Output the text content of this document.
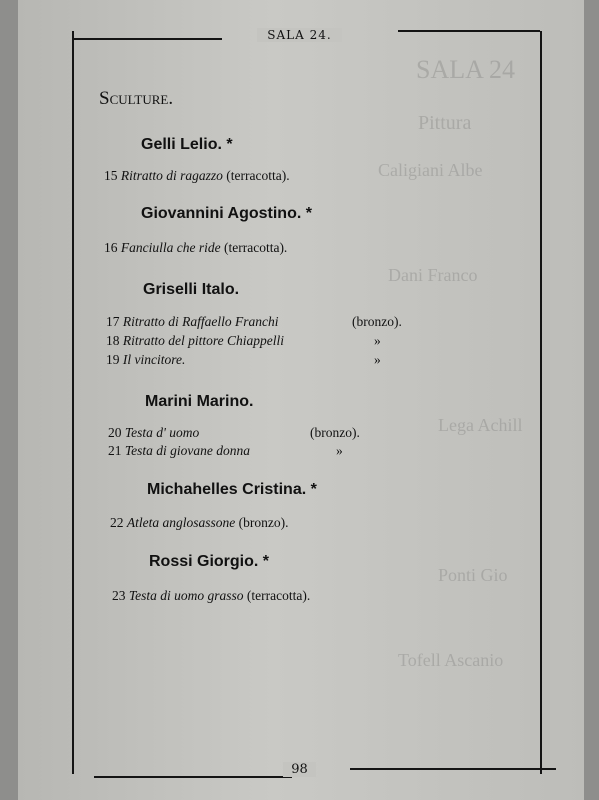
SALA 24
Pittura
Caligiani Albe
Dani Franco
Lega Achill
Ponti Gio
Tofell Ascanio
SALA 24.
Sculture.
Gelli Lelio. *
15 Ritratto di ragazzo (terracotta).
Giovannini Agostino. *
16 Fanciulla che ride (terracotta).
Griselli Italo.
17 Ritratto di Raffaello Franchi	(bronzo).
18 Ritratto del pittore Chiappelli	»
19 Il vincitore.	»
Marini Marino.
20 Testa d' uomo	(bronzo).
21 Testa di giovane donna	»
Michahelles Cristina. *
22 Atleta anglosassone (bronzo).
Rossi Giorgio. *
23 Testa di uomo grasso (terracotta).
98
